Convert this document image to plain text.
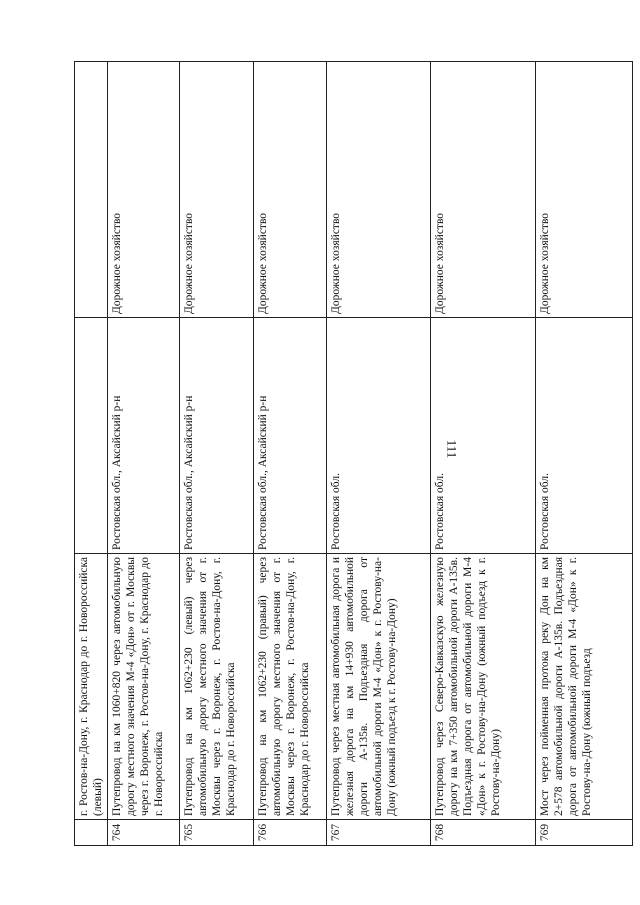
111
	г. Ростов-на-Дону, г. Краснодар до г. Новороссийска (левый)		
764	Путепровод на км 1060+820 через автомобильную дорогу местного значения М-4 «Дон» от г. Москвы через г. Воронеж, г. Ростов-на-Дону, г. Краснодар до г. Новороссийска	Ростовская обл., Аксайский р-н	Дорожное хозяйство
765	Путепровод на км 1062+230 (левый) через автомобильную дорогу местного значения от г. Москвы через г. Воронеж, г. Ростов-на-Дону, г. Краснодар до г. Новороссийска	Ростовская обл., Аксайский р-н	Дорожное хозяйство
766	Путепровод на км 1062+230 (правый) через автомобильную дорогу местного значения от г. Москвы через г. Воронеж, г. Ростов-на-Дону, г. Краснодар до г. Новороссийска	Ростовская обл., Аксайский р-н	Дорожное хозяйство
767	Путепровод через местная автомобильная дорога и железная дорога на км 14+930 автомобильной дороги А-135в. Подъездная дорога от автомобильной дороги М-4 «Дон» к г. Ростову-на-Дону (южный подъезд к г. Ростову-на-Дону)	Ростовская обл.	Дорожное хозяйство
768	Путепровод через Северо-Кавказскую железную дорогу на км 7+350 автомобильной дороги А-135в. Подъездная дорога от автомобильной дороги М-4 «Дон» к г. Ростову-на-Дону (южный подъезд к г. Ростову-на-Дону)	Ростовская обл.	Дорожное хозяйство
769	Мост через пойменная протока реку Дон на км 2+578 автомобильной дороги А-135в. Подъездная дорога от автомобильной дороги М-4 «Дон» к г. Ростову-на-Дону (южный подъезд	Ростовская обл.	Дорожное хозяйство
